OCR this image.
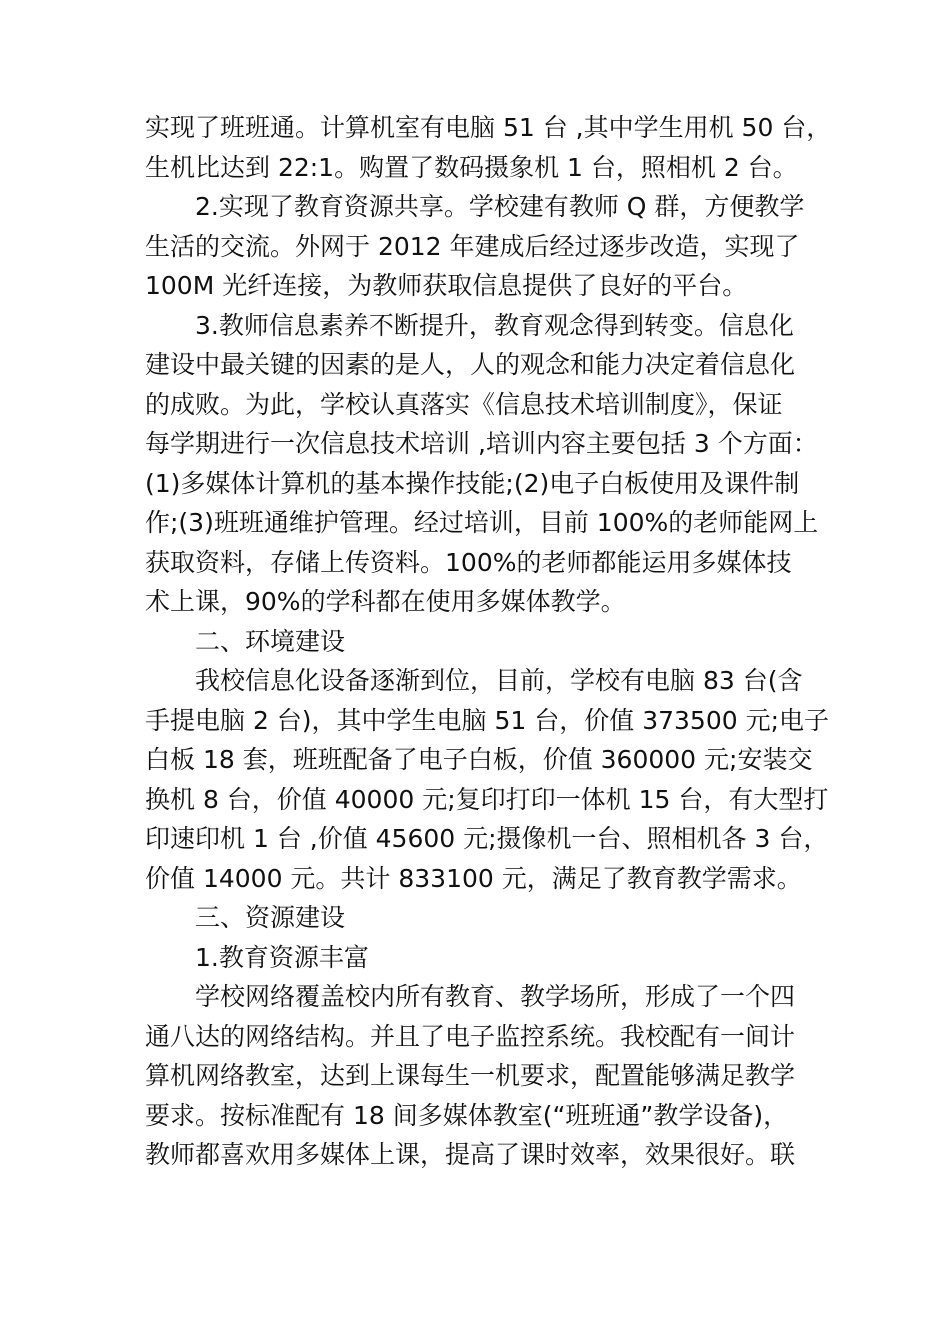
实现了班班通。计算机室有电脑 51 台 ,其中学生用机 50 台，
生机比达到 22:1。购置了数码摄象机 1 台，照相机 2 台。
2.实现了教育资源共享。学校建有教师 Q 群，方便教学
生活的交流。外网于 2012 年建成后经过逐步改造，实现了
100M 光纤连接，为教师获取信息提供了良好的平台。
3.教师信息素养不断提升，教育观念得到转变。信息化
建设中最关键的因素的是人，人的观念和能力决定着信息化
的成败。为此，学校认真落实《信息技术培训制度》，保证
每学期进行一次信息技术培训 ,培训内容主要包括 3 个方面：
(1)多媒体计算机的基本操作技能;(2)电子白板使用及课件制
作;(3)班班通维护管理。经过培训，目前 100%的老师能网上
获取资料，存储上传资料。100%的老师都能运用多媒体技
术上课，90%的学科都在使用多媒体教学。
二、环境建设
我校信息化设备逐渐到位，目前，学校有电脑 83 台(含
手提电脑 2 台)，其中学生电脑 51 台，价值 373500 元;电子
白板 18 套，班班配备了电子白板，价值 360000 元;安装交
换机 8 台，价值 40000 元;复印打印一体机 15 台，有大型打
印速印机 1 台 ,价值 45600 元;摄像机一台、照相机各 3 台，
价值 14000 元。共计 833100 元，满足了教育教学需求。
三、资源建设
1.教育资源丰富
学校网络覆盖校内所有教育、教学场所，形成了一个四
通八达的网络结构。并且了电子监控系统。我校配有一间计
算机网络教室，达到上课每生一机要求，配置能够满足教学
要求。按标准配有 18 间多媒体教室(“班班通”教学设备)，
教师都喜欢用多媒体上课，提高了课时效率，效果很好。联
